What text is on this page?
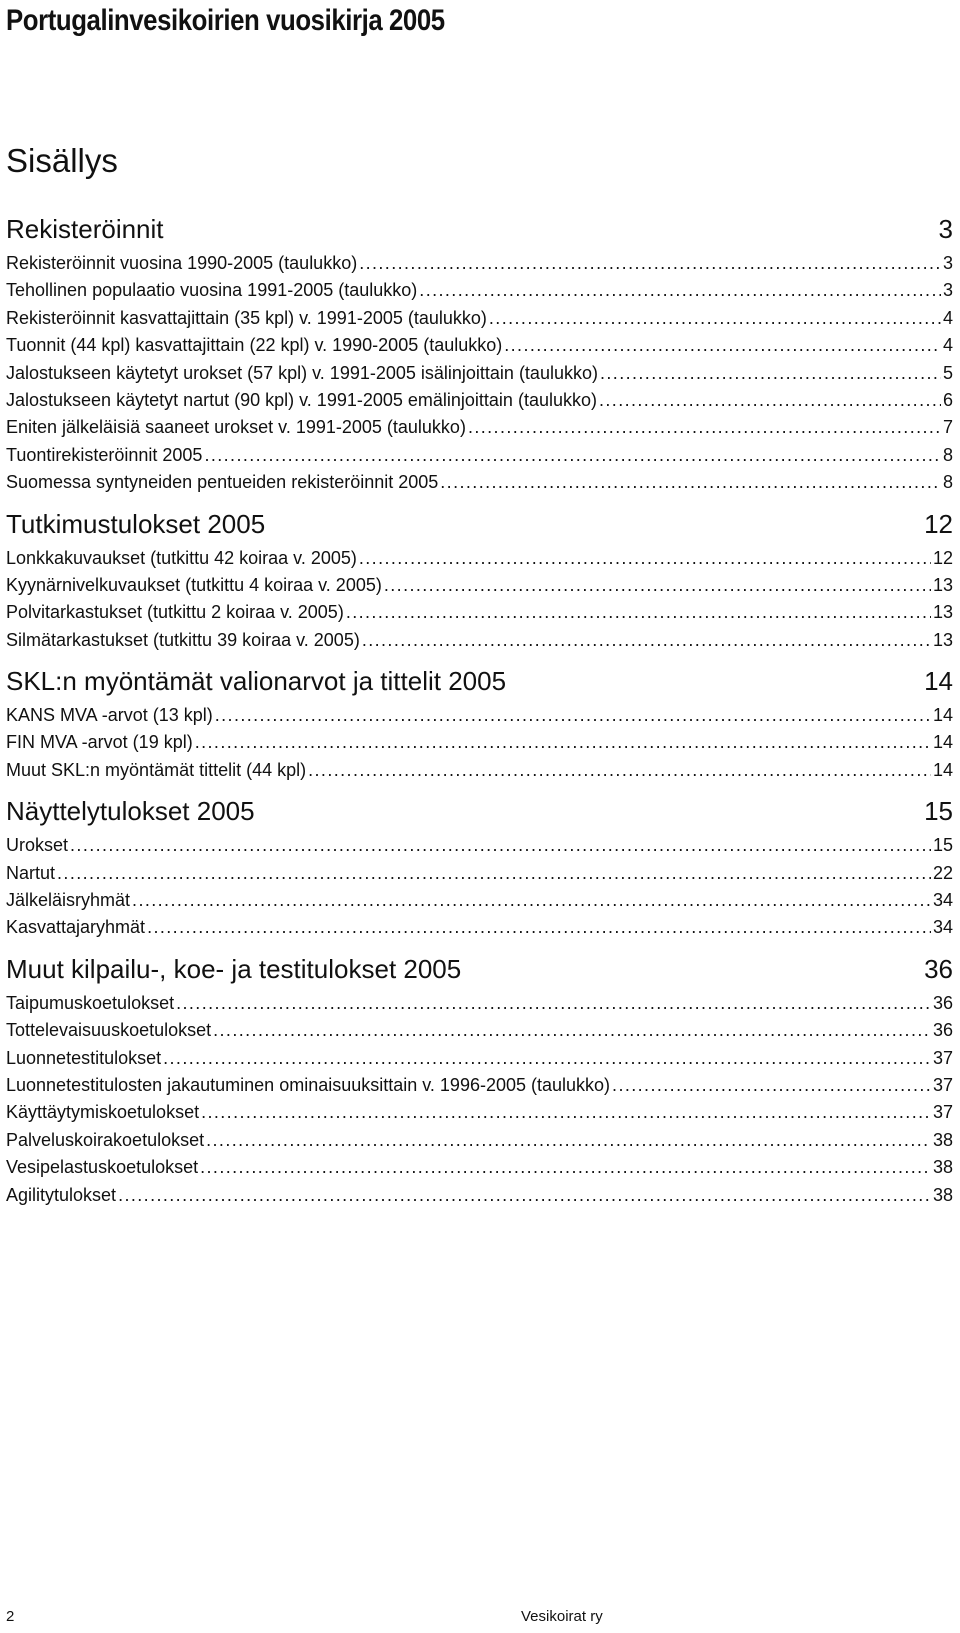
Portugalinvesikoirien vuosikirja 2005
Sisällys
Rekisteröinnit	3
Rekisteröinnit vuosina 1990-2005 (taulukko) . . .	3
Tehollinen populaatio vuosina 1991-2005 (taulukko) . . .	3
Rekisteröinnit kasvattajittain (35 kpl) v. 1991-2005 (taulukko) . . .	4
Tuonnit (44 kpl) kasvattajittain (22 kpl) v. 1990-2005 (taulukko) . . .	4
Jalostukseen käytetyt urokset (57 kpl) v. 1991-2005 isälinjoittain (taulukko) . . .	5
Jalostukseen käytetyt nartut (90 kpl) v. 1991-2005 emälinjoittain (taulukko) . . .	6
Eniten jälkeläisiä saaneet urokset v. 1991-2005 (taulukko) . . .	7
Tuontirekisteröinnit 2005 . . .	8
Suomessa syntyneiden pentueiden rekisteröinnit 2005 . . .	8
Tutkimustulokset 2005	12
Lonkkakuvaukset (tutkittu 42 koiraa v. 2005) . . .	12
Kyynärnivelkuvaukset (tutkittu 4 koiraa v. 2005) . . .	13
Polvitarkastukset (tutkittu 2 koiraa v. 2005) . . .	13
Silmätarkastukset (tutkittu 39 koiraa v. 2005) . . .	13
SKL:n myöntämät valionarvot ja tittelit 2005	14
KANS MVA -arvot (13 kpl) . . .	14
FIN MVA -arvot (19 kpl) . . .	14
Muut SKL:n myöntämät tittelit (44 kpl) . . .	14
Näyttelytulokset 2005	15
Urokset . . .	15
Nartut . . .	22
Jälkeläisryhmät . . .	34
Kasvattajaryhmät . . .	34
Muut kilpailu-, koe- ja testitulokset 2005	36
Taipumuskoetulokset . . .	36
Tottelevaisuuskoetulokset . . .	36
Luonnetestitulokset . . .	37
Luonnetestitulosten jakautuminen ominaisuuksittain v. 1996-2005 (taulukko) . . .	37
Käyttäytymiskoetulokset . . .	37
Palveluskoirakoetulokset . . .	38
Vesipelastuskoetulokset . . .	38
Agilitytulokset . . .	38
2	Vesikoirat ry
